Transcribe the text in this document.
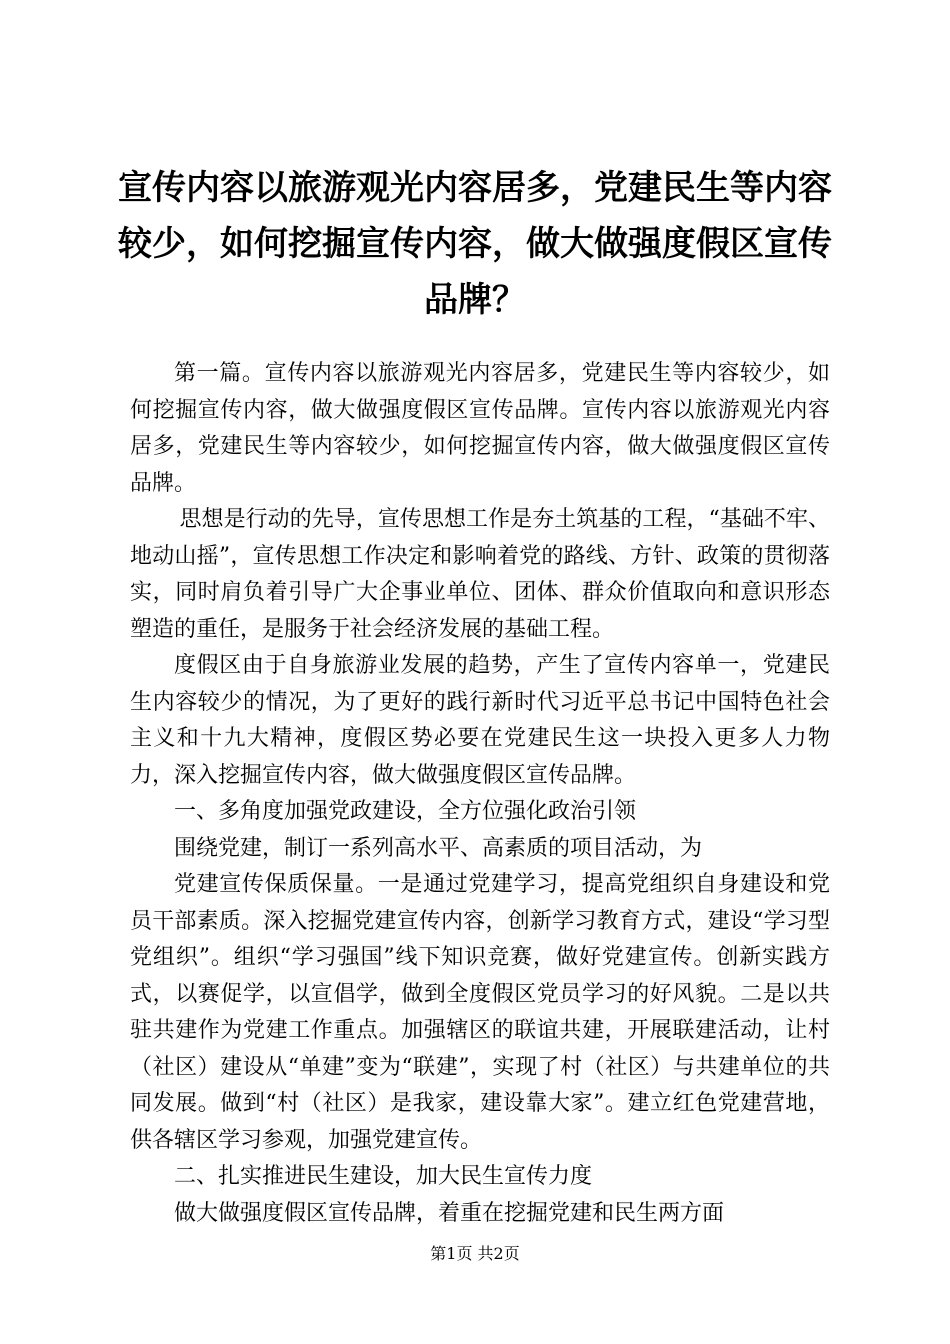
宣传内容以旅游观光内容居多，党建民生等内容较少，如何挖掘宣传内容，做大做强度假区宣传品牌？

第一篇。宣传内容以旅游观光内容居多，党建民生等内容较少，如何挖掘宣传内容，做大做强度假区宣传品牌。宣传内容以旅游观光内容居多，党建民生等内容较少，如何挖掘宣传内容，做大做强度假区宣传品牌。

思想是行动的先导，宣传思想工作是夯土筑基的工程，“基础不牢、地动山摇”，宣传思想工作决定和影响着党的路线、方针、政策的贯彻落实，同时肩负着引导广大企事业单位、团体、群众价值取向和意识形态塑造的重任，是服务于社会经济发展的基础工程。

度假区由于自身旅游业发展的趋势，产生了宣传内容单一，党建民生内容较少的情况，为了更好的践行新时代习近平总书记中国特色社会主义和十九大精神，度假区势必要在党建民生这一块投入更多人力物力，深入挖掘宣传内容，做大做强度假区宣传品牌。

一、多角度加强党政建设，全方位强化政治引领

围绕党建，制订一系列高水平、高素质的项目活动，为

党建宣传保质保量。一是通过党建学习，提高党组织自身建设和党员干部素质。深入挖掘党建宣传内容，创新学习教育方式，建设“学习型党组织”。组织“学习强国”线下知识竞赛，做好党建宣传。创新实践方式，以赛促学，以宣倡学，做到全度假区党员学习的好风貌。二是以共驻共建作为党建工作重点。加强辖区的联谊共建，开展联建活动，让村（社区）建设从“单建”变为“联建”，实现了村（社区）与共建单位的共同发展。做到“村（社区）是我家，建设靠大家”。建立红色党建营地，供各辖区学习参观，加强党建宣传。

二、扎实推进民生建设，加大民生宣传力度

做大做强度假区宣传品牌，着重在挖掘党建和民生两方面

第1页 共2页
